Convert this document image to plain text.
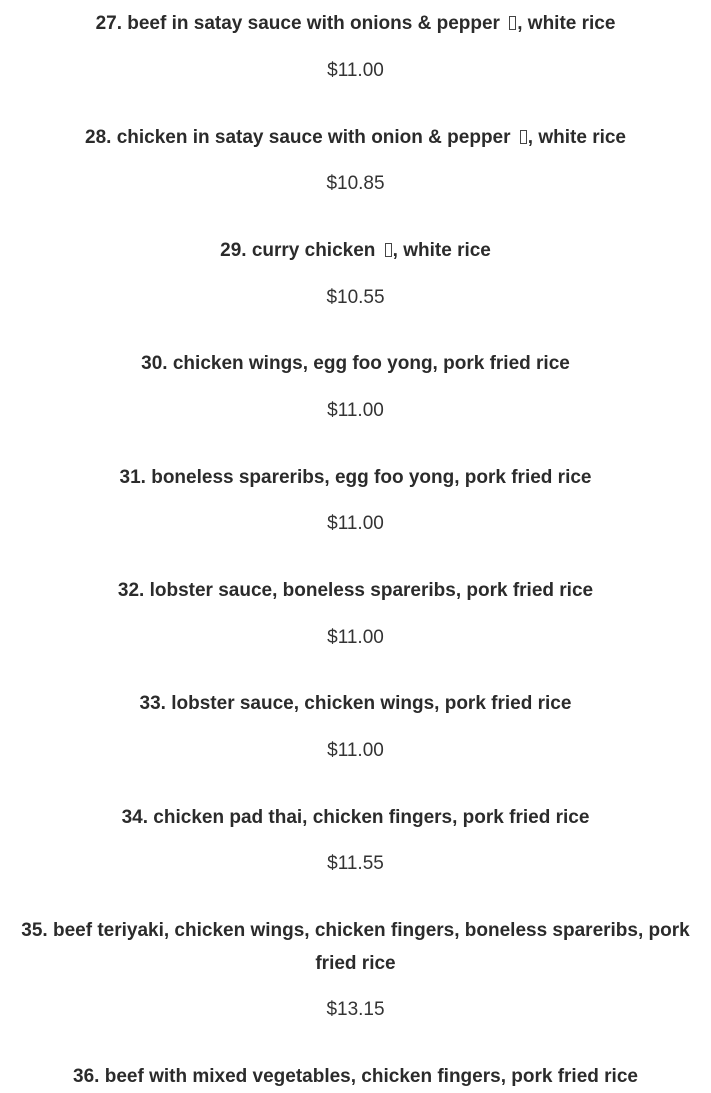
27. beef in satay sauce with onions & pepper , white rice
$11.00
28. chicken in satay sauce with onion & pepper , white rice
$10.85
29. curry chicken , white rice
$10.55
30. chicken wings, egg foo yong, pork fried rice
$11.00
31. boneless spareribs, egg foo yong, pork fried rice
$11.00
32. lobster sauce, boneless spareribs, pork fried rice
$11.00
33. lobster sauce, chicken wings, pork fried rice
$11.00
34. chicken pad thai, chicken fingers, pork fried rice
$11.55
35. beef teriyaki, chicken wings, chicken fingers, boneless spareribs, pork fried rice
$13.15
36. beef with mixed vegetables, chicken fingers, pork fried rice
